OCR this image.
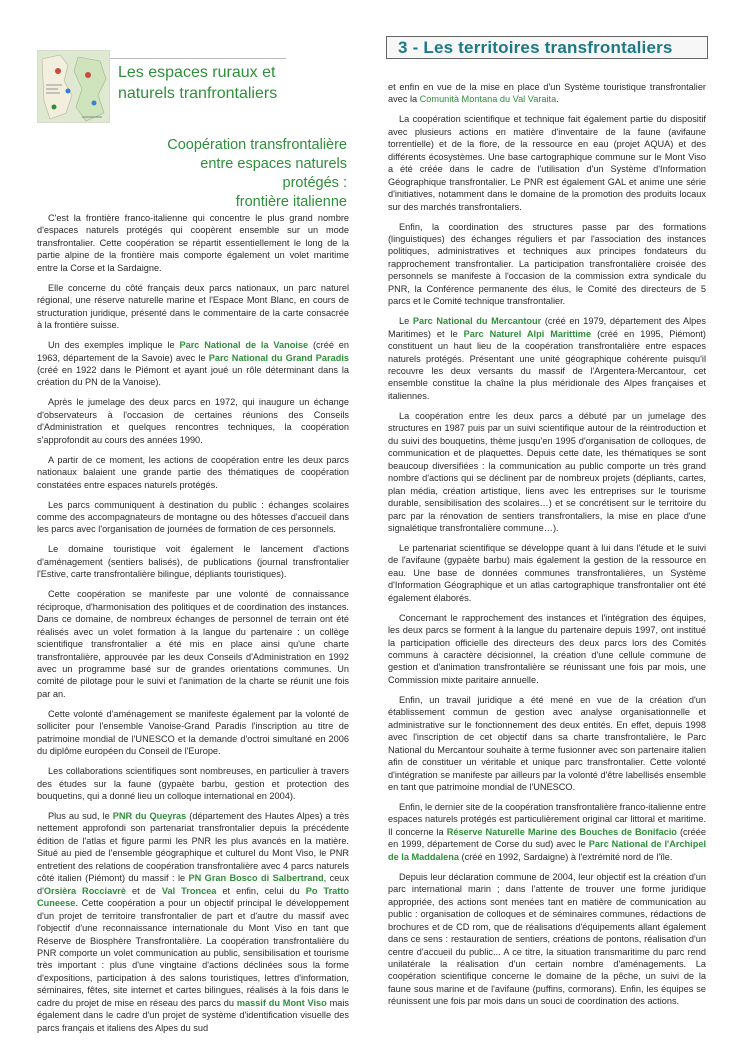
3 - Les territoires transfrontaliers
Les espaces ruraux et
naturels tranfrontaliers
Coopération transfrontalière
entre espaces naturels protégés :
frontière italienne

C'est la frontière franco-italienne qui concentre le plus grand nombre d'espaces naturels protégés qui coopèrent ensemble sur un mode transfrontalier. Cette coopération se répartit essentiellement le long de la partie alpine de la frontière mais comporte également un volet maritime entre la Corse et la Sardaigne.

Elle concerne du côté français deux parcs nationaux, un parc naturel régional, une réserve naturelle marine et l'Espace Mont Blanc, en cours de structuration juridique, présenté dans le commentaire de la carte consacrée à la frontière suisse.

Un des exemples implique le Parc National de la Vanoise (créé en 1963, département de la Savoie) avec le Parc National du Grand Paradis (créé en 1922 dans le Piémont et ayant joué un rôle déterminant dans la création du PN de la Vanoise).

Après le jumelage des deux parcs en 1972, qui inaugure un échange d'observateurs à l'occasion de certaines réunions des Conseils d'Administration et quelques rencontres techniques, la coopération s'approfondit au cours des années 1990.

A partir de ce moment, les actions de coopération entre les deux parcs nationaux balaient une grande partie des thématiques de coopération constatées entre espaces naturels protégés.

Les parcs communiquent à destination du public : échanges scolaires comme des accompagnateurs de montagne ou des hôtesses d'accueil dans les parcs avec l'organisation de journées de formation de ces personnels.

Le domaine touristique voit également le lancement d'actions d'aménagement (sentiers balisés), de publications (journal transfrontalier l'Estive, carte transfrontalière bilingue, dépliants touristiques).

Cette coopération se manifeste par une volonté de connaissance réciproque, d'harmonisation des politiques et de coordination des instances. Dans ce domaine, de nombreux échanges de personnel de terrain ont été réalisés avec un volet formation à la langue du partenaire : un collège scientifique transfrontalier a été mis en place ainsi qu'une charte transfrontalière, approuvée par les deux Conseils d'Administration en 1992 avec un programme basé sur de grandes orientations communes. Un comité de pilotage pour le suivi et l'animation de la charte se réunit une fois par an.

Cette volonté d'aménagement se manifeste également par la volonté de solliciter pour l'ensemble Vanoise-Grand Paradis l'inscription au titre de patrimoine mondial de l'UNESCO et la demande d'octroi simultané en 2006 du diplôme européen du Conseil de l'Europe.

Les collaborations scientifiques sont nombreuses, en particulier à travers des études sur la faune (gypaète barbu, gestion et protection des bouquetins, qui a donné lieu un colloque international en 2004).

Plus au sud, le PNR du Queyras (département des Hautes Alpes) a très nettement approfondi son partenariat transfrontalier depuis la précédente édition de l'atlas et figure parmi les PNR les plus avancés en la matière. Situé au pied de l'ensemble géographique et culturel du Mont Viso, le PNR entretient des relations de coopération transfrontalière avec 4 parcs naturels côté italien (Piémont) du massif : le PN Gran Bosco di Salbertrand, ceux d'Orsièra Rocciavrè et de Val Troncea et enfin, celui du Po Tratto Cuneese. Cette coopération a pour un objectif principal le développement d'un projet de territoire transfrontalier de part et d'autre du massif avec l'objectif d'une reconnaissance internationale du Mont Viso en tant que Réserve de Biosphère Transfrontalière. La coopération transfrontalière du PNR comporte un volet communication au public, sensibilisation et tourisme très important : plus d'une vingtaine d'actions déclinées sous la forme d'expositions, participation à des salons touristiques, lettres d'information, séminaires, fêtes, site internet et cartes bilingues, réalisés à la fois dans le cadre du projet de mise en réseau des parcs du massif du Mont Viso mais également dans le cadre d'un projet de système d'identification visuelle des parcs français et italiens des Alpes du sud

et enfin en vue de la mise en place d'un Système touristique transfrontalier avec la Comunità Montana du Val Varaita.

La coopération scientifique et technique fait également partie du dispositif avec plusieurs actions en matière d'inventaire de la faune (avifaune torrentielle) et de la flore, de la ressource en eau (projet AQUA) et des différents écosystèmes. Une base cartographique commune sur le Mont Viso a été créée dans le cadre de l'utilisation d'un Système d'Information Géographique transfrontalier. Le PNR est également GAL et anime une série d'initiatives, notamment dans le domaine de la promotion des produits locaux sur des marchés transfrontaliers.

Enfin, la coordination des structures passe par des formations (linguistiques) des échanges réguliers et par l'association des instances politiques, administratives et techniques aux principes fondateurs du rapprochement transfrontalier. La participation transfrontalière croisée des personnels se manifeste à l'occasion de la commission extra syndicale du PNR, la Conférence permanente des élus, le Comité des directeurs de 5 parcs et le Comité technique transfrontalier.

Le Parc National du Mercantour (créé en 1979, département des Alpes Maritimes) et le Parc Naturel Alpi Marittime (créé en 1995, Piémont) constituent un haut lieu de la coopération transfrontalière entre espaces naturels protégés. Présentant une unité géographique cohérente puisqu'il recouvre les deux versants du massif de l'Argentera-Mercantour, cet ensemble constitue la chaîne la plus méridionale des Alpes françaises et italiennes.

La coopération entre les deux parcs a débuté par un jumelage des structures en 1987 puis par un suivi scientifique autour de la réintroduction et du suivi des bouquetins, thème jusqu'en 1995 d'organisation de colloques, de communication et de plaquettes. Depuis cette date, les thématiques se sont beaucoup diversifiées : la communication au public comporte un très grand nombre d'actions qui se déclinent par de nombreux projets (dépliants, cartes, plan média, création artistique, liens avec les entreprises sur le tourisme durable, sensibilisation des scolaires…) et se concrétisent sur le territoire du parc par la rénovation de sentiers transfrontaliers, la mise en place d'une signalétique transfrontalière commune…).

Le partenariat scientifique se développe quant à lui dans l'étude et le suivi de l'avifaune (gypaète barbu) mais également la gestion de la ressource en eau. Une base de données communes transfrontalières, un Système d'Information Géographique et un atlas cartographique transfrontalier ont été également élaborés.

Concernant le rapprochement des instances et l'intégration des équipes, les deux parcs se forment à la langue du partenaire depuis 1997, ont institué la participation officielle des directeurs des deux parcs lors des Comités communs à caractère décisionnel, la création d'une cellule commune de gestion et d'animation transfrontalière se réunissant une fois par mois, une Commission mixte paritaire annuelle.

Enfin, un travail juridique a été mené en vue de la création d'un établissement commun de gestion avec analyse organisationnelle et administrative sur le fonctionnement des deux entités. En effet, depuis 1998 avec l'inscription de cet objectif dans sa charte transfrontalière, le Parc National du Mercantour souhaite à terme fusionner avec son partenaire italien afin de constituer un véritable et unique parc transfrontalier. Cette volonté d'intégration se manifeste par ailleurs par la volonté d'être labellisés ensemble en tant que patrimoine mondial de l'UNESCO.

Enfin, le dernier site de la coopération transfrontalière franco-italienne entre espaces naturels protégés est particulièrement original car littoral et maritime. Il concerne la Réserve Naturelle Marine des Bouches de Bonifacio (créée en 1999, département de Corse du sud) avec le Parc National de l'Archipel de la Maddalena (créé en 1992, Sardaigne) à l'extrémité nord de l'île.

Depuis leur déclaration commune de 2004, leur objectif est la création d'un parc international marin ; dans l'attente de trouver une forme juridique appropriée, des actions sont menées tant en matière de communication au public : organisation de colloques et de séminaires communes, rédactions de brochures et de CD rom, que de réalisations d'équipements allant également dans ce sens : restauration de sentiers, créations de pontons, réalisation d'un centre d'accueil du public... A ce titre, la situation transmaritime du parc rend unilatérale la réalisation d'un certain nombre d'aménagements. La coopération scientifique concerne le domaine de la pêche, un suivi de la faune sous marine et de l'avifaune (puffins, cormorans). Enfin, les équipes se réunissent une fois par mois dans un souci de coordination des actions.
